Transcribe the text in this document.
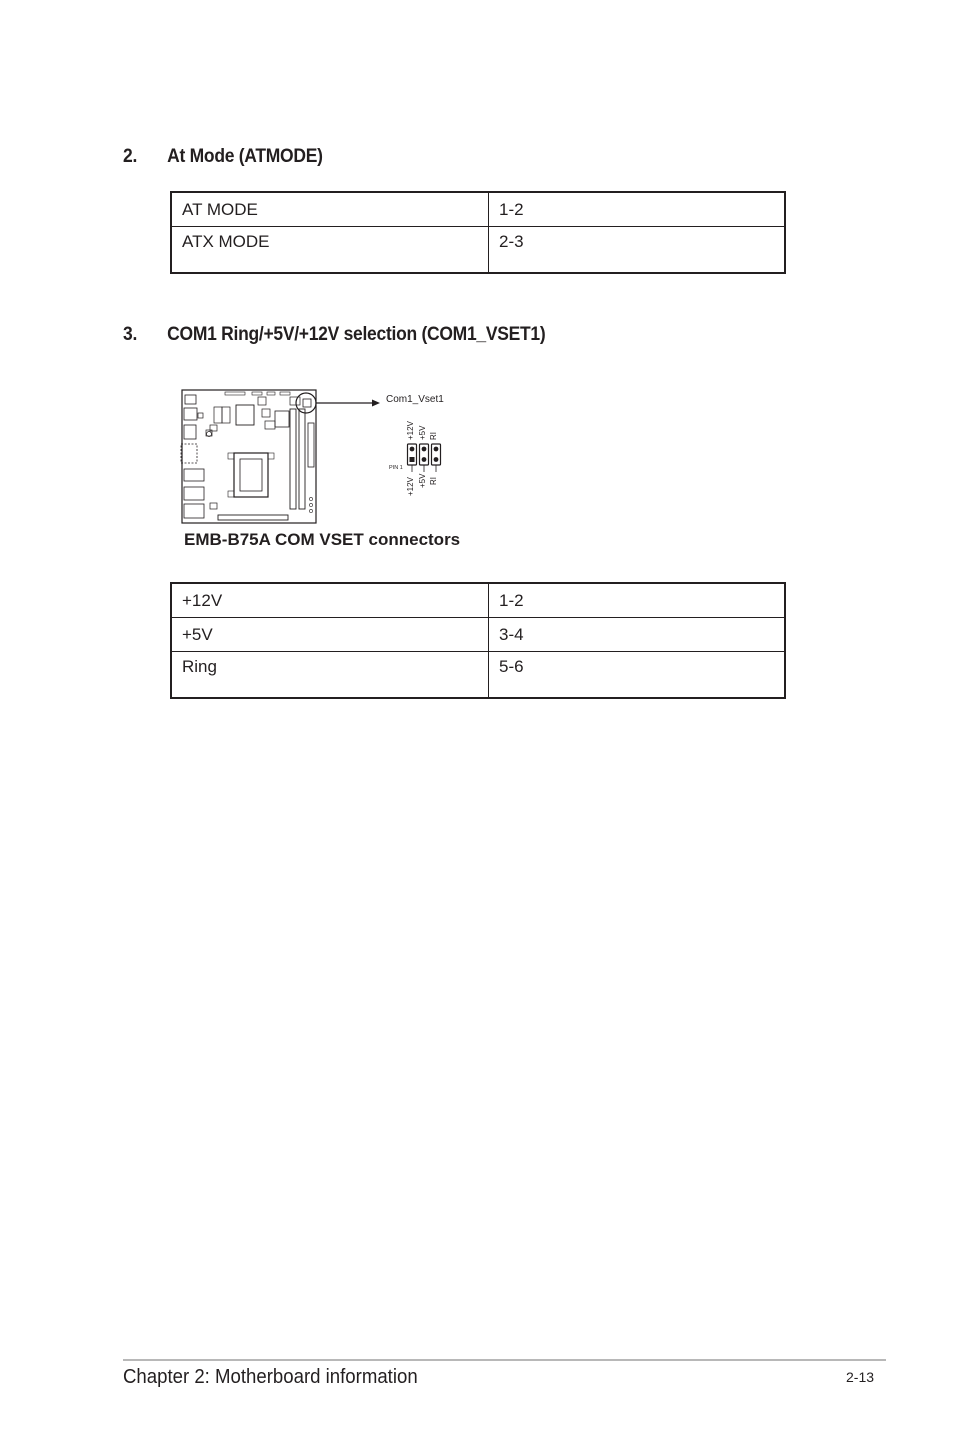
2. At Mode (ATMODE)
AT MODE	1-2
ATX MODE	2-3
3. COM1 Ring/+5V/+12V selection (COM1_VSET1)
Com1_Vset1
+12V +5V RI
PIN 1
+12V +5V RI
EMB-B75A COM VSET connectors
+12V	1-2
+5V	3-4
Ring	5-6
Chapter 2: Motherboard information	2-13
